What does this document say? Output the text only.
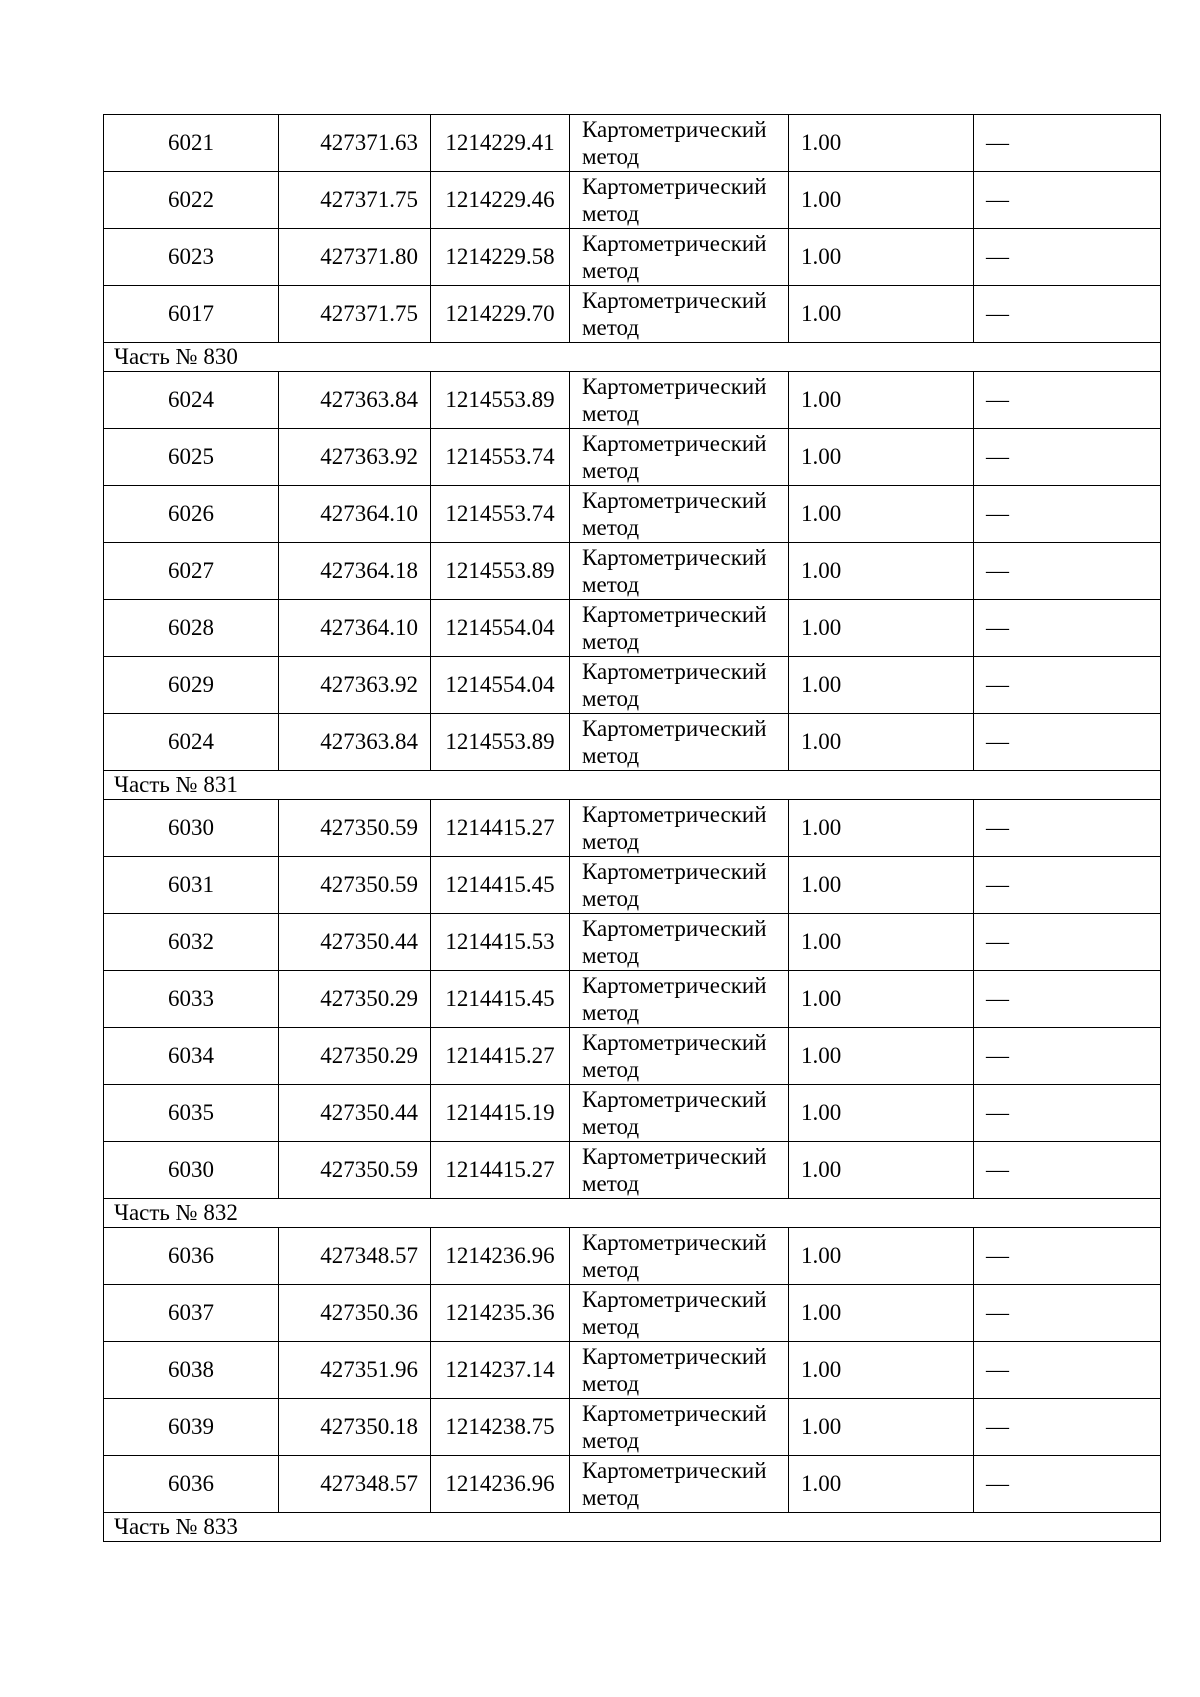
6021	427371.63	1214229.41	Картометрический
метод	1.00	—
6022	427371.75	1214229.46	Картометрический
метод	1.00	—
6023	427371.80	1214229.58	Картометрический
метод	1.00	—
6017	427371.75	1214229.70	Картометрический
метод	1.00	—
Часть № 830					
6024	427363.84	1214553.89	Картометрический
метод	1.00	—
6025	427363.92	1214553.74	Картометрический
метод	1.00	—
6026	427364.10	1214553.74	Картометрический
метод	1.00	—
6027	427364.18	1214553.89	Картометрический
метод	1.00	—
6028	427364.10	1214554.04	Картометрический
метод	1.00	—
6029	427363.92	1214554.04	Картометрический
метод	1.00	—
6024	427363.84	1214553.89	Картометрический
метод	1.00	—
Часть № 831					
6030	427350.59	1214415.27	Картометрический
метод	1.00	—
6031	427350.59	1214415.45	Картометрический
метод	1.00	—
6032	427350.44	1214415.53	Картометрический
метод	1.00	—
6033	427350.29	1214415.45	Картометрический
метод	1.00	—
6034	427350.29	1214415.27	Картометрический
метод	1.00	—
6035	427350.44	1214415.19	Картометрический
метод	1.00	—
6030	427350.59	1214415.27	Картометрический
метод	1.00	—
Часть № 832					
6036	427348.57	1214236.96	Картометрический
метод	1.00	—
6037	427350.36	1214235.36	Картометрический
метод	1.00	—
6038	427351.96	1214237.14	Картометрический
метод	1.00	—
6039	427350.18	1214238.75	Картометрический
метод	1.00	—
6036	427348.57	1214236.96	Картометрический
метод	1.00	—
Часть № 833					
